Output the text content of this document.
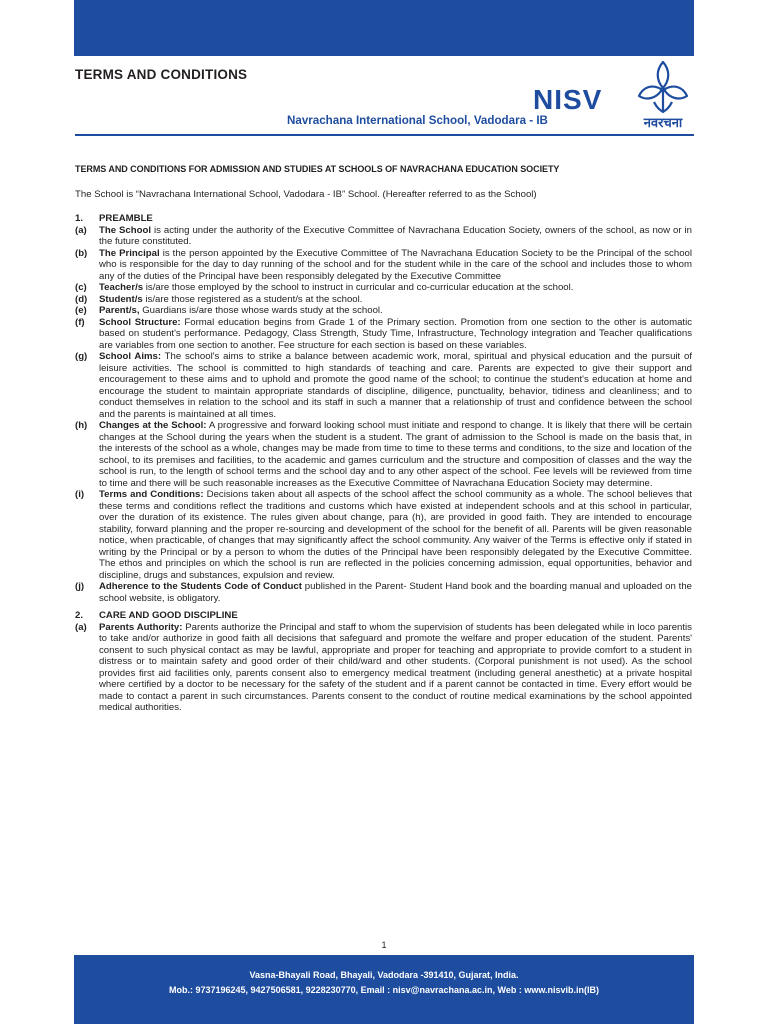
TERMS AND CONDITIONS
NISV
Navrachana International School, Vadodara - IB	नवरचना

TERMS AND CONDITIONS FOR ADMISSION AND STUDIES AT SCHOOLS OF NAVRACHANA EDUCATION SOCIETY

The School is “Navrachana International School, Vadodara - IB” School. (Hereafter referred to as the School)

1.	PREAMBLE
(a)	The School is acting under the authority of the Executive Committee of Navrachana Education Society, owners of the school, as now or in the future constituted.
(b)	The Principal is the person appointed by the Executive Committee of The Navrachana Education Society to be the Principal of the school who is responsible for the day to day running of the school and for the student while in the care of the school and includes those to whom any of the duties of the Principal have been responsibly delegated by the Executive Committee
(c)	Teacher/s is/are those employed by the school to instruct in curricular and co-curricular education at the school.
(d)	Student/s is/are those registered as a student/s at the school.
(e)	Parent/s, Guardians is/are those whose wards study at the school.
(f)	School Structure: Formal education begins from Grade 1 of the Primary section. Promotion from one section to the other is automatic based on student's performance. Pedagogy, Class Strength, Study Time, Infrastructure, Technology integration and Teacher qualifications are variables from one section to another. Fee structure for each section is based on these variables.
(g)	School Aims: The school's aims to strike a balance between academic work, moral, spiritual and physical education and the pursuit of leisure activities. The school is committed to high standards of teaching and care. Parents are expected to give their support and encouragement to these aims and to uphold and promote the good name of the school; to continue the student's education at home and encourage the student to maintain appropriate standards of discipline, diligence, punctuality, behavior, tidiness and cleanliness; and to conduct themselves in relation to the school and its staff in such a manner that a relationship of trust and confidence between the school and the parents is maintained at all times.
(h)	Changes at the School: A progressive and forward looking school must initiate and respond to change. It is likely that there will be certain changes at the School during the years when the student is a student. The grant of admission to the School is made on the basis that, in the interests of the school as a whole, changes may be made from time to time to these terms and conditions, to the size and location of the school, to its premises and facilities, to the academic and games curriculum and the structure and composition of classes and the way the school is run, to the length of school terms and the school day and to any other aspect of the school. Fee levels will be reviewed from time to time and there will be such reasonable increases as the Executive Committee of Navrachana Education Society may determine.
(i)	Terms and Conditions: Decisions taken about all aspects of the school affect the school community as a whole. The school believes that these terms and conditions reflect the traditions and customs which have existed at independent schools and at this school in particular, over the duration of its existence. The rules given about change, para (h), are provided in good faith. They are intended to encourage stability, forward planning and the proper re-sourcing and development of the school for the benefit of all. Parents will be given reasonable notice, when practicable, of changes that may significantly affect the school community. Any waiver of the Terms is effective only if stated in writing by the Principal or by a person to whom the duties of the Principal have been responsibly delegated by the Executive Committee. The ethos and principles on which the school is run are reflected in the policies concerning admission, equal opportunities, behavior and discipline, drugs and substances, expulsion and review.
(j)	Adherence to the Students Code of Conduct published in the Parent- Student Hand book and the boarding manual and uploaded on the school website, is obligatory.
2.	CARE AND GOOD DISCIPLINE
(a)	Parents Authority: Parents authorize the Principal and staff to whom the supervision of students has been delegated while in loco parentis to take and/or authorize in good faith all decisions that safeguard and promote the welfare and proper education of the student. Parents' consent to such physical contact as may be lawful, appropriate and proper for teaching and appropriate to provide comfort to a student in distress or to maintain safety and good order of their child/ward and other students. (Corporal punishment is not used). As the school provides first aid facilities only, parents consent also to emergency medical treatment (including general anesthetic) at a private hospital where certified by a doctor to be necessary for the safety of the student and if a parent cannot be contacted in time. Every effort would be made to contact a parent in such circumstances. Parents consent to the conduct of routine medical examinations by the school appointed medical authorities.
1
Vasna-Bhayali Road, Bhayali, Vadodara -391410, Gujarat, India.
Mob.: 9737196245, 9427506581, 9228230770, Email : nisv@navrachana.ac.in, Web : www.nisvib.in(IB)
